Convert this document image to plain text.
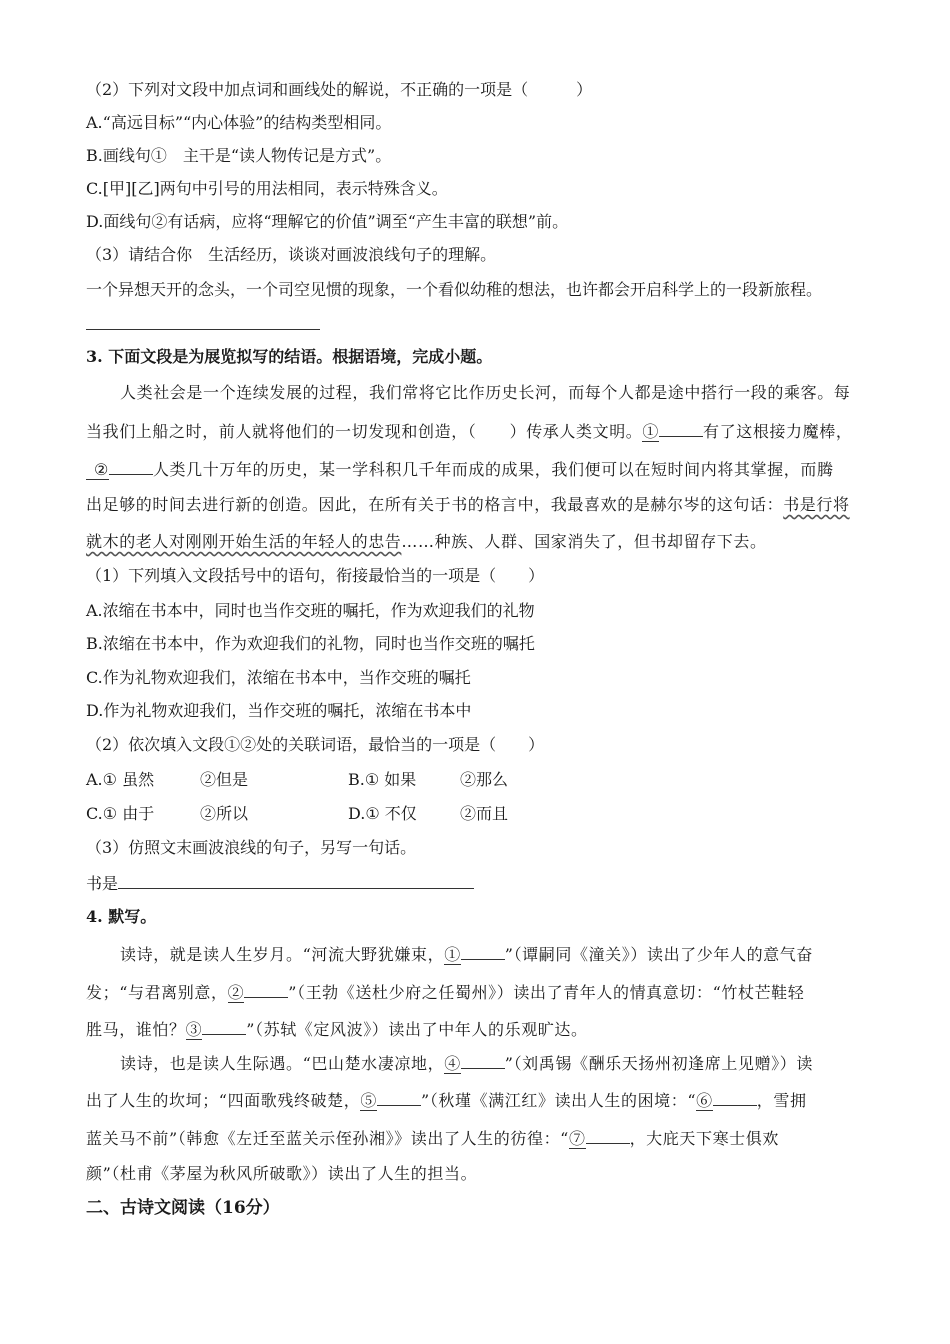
（2）下列对文段中加点词和画线处的解说，不正确的一项是（　　　）
A.“高远目标”“内心体验”的结构类型相同。
B.画线句①　主干是“读人物传记是方式”。
C.[甲][乙]两句中引号的用法相同，表示特殊含义。
D.面线句②有话病，应将“理解它的价值”调至“产生丰富的联想”前。
（3）请结合你　生活经历，谈谈对画波浪线句子的理解。
一个异想天开的念头，一个司空见惯的现象，一个看似幼稚的想法，也许都会开启科学上的一段新旅程。
3. 下面文段是为展览拟写的结语。根据语境，完成小题。
人类社会是一个连续发展的过程，我们常将它比作历史长河，而每个人都是途中搭行一段的乘客。每
当我们上船之时，前人就将他们的一切发现和创造，（　　）传承人类文明。①	有了这根接力魔棒，
②	人类几十万年的历史，某一学科积几千年而成的成果，我们便可以在短时间内将其掌握，而腾
出足够的时间去进行新的创造。因此，在所有关于书的格言中，我最喜欢的是赫尔岑的这句话：书是行将
就木的老人对刚刚开始生活的年轻人的忠告……种族、人群、国家消失了，但书却留存下去。
（1）下列填入文段括号中的语句，衔接最恰当的一项是（　　）
A.浓缩在书本中，同时也当作交班的嘱托，作为欢迎我们的礼物
B.浓缩在书本中，作为欢迎我们的礼物，同时也当作交班的嘱托
C.作为礼物欢迎我们，浓缩在书本中，当作交班的嘱托
D.作为礼物欢迎我们，当作交班的嘱托，浓缩在书本中
（2）依次填入文段①②处的关联词语，最恰当的一项是（　　）
A.① 虽然	②但是	B.① 如果	②那么
C.① 由于	②所以	D.① 不仅	②而且
（3）仿照文末画波浪线的句子，另写一句话。
书是
4. 默写。
读诗，就是读人生岁月。“河流大野犹嫌束，①	”（谭嗣同《潼关》）读出了少年人的意气奋
发；“与君离别意，②	”（王勃《送杜少府之任蜀州》）读出了青年人的情真意切：“竹杖芒鞋轻
胜马，谁怕？③	”（苏轼《定风波》）读出了中年人的乐观旷达。
读诗，也是读人生际遇。“巴山楚水凄凉地，④	”（刘禹锡《酬乐天扬州初逢席上见赠》）读
出了人生的坎坷；“四面歌残终破楚，⑤	”（秋瑾《满江红》读出人生的困境：“⑥	，雪拥
蓝关马不前”（韩愈《左迁至蓝关示侄孙湘》》读出了人生的彷徨：“⑦	，大庇天下寒士俱欢
颜”（杜甫《茅屋为秋风所破歌》）读出了人生的担当。
二、古诗文阅读（16分）
